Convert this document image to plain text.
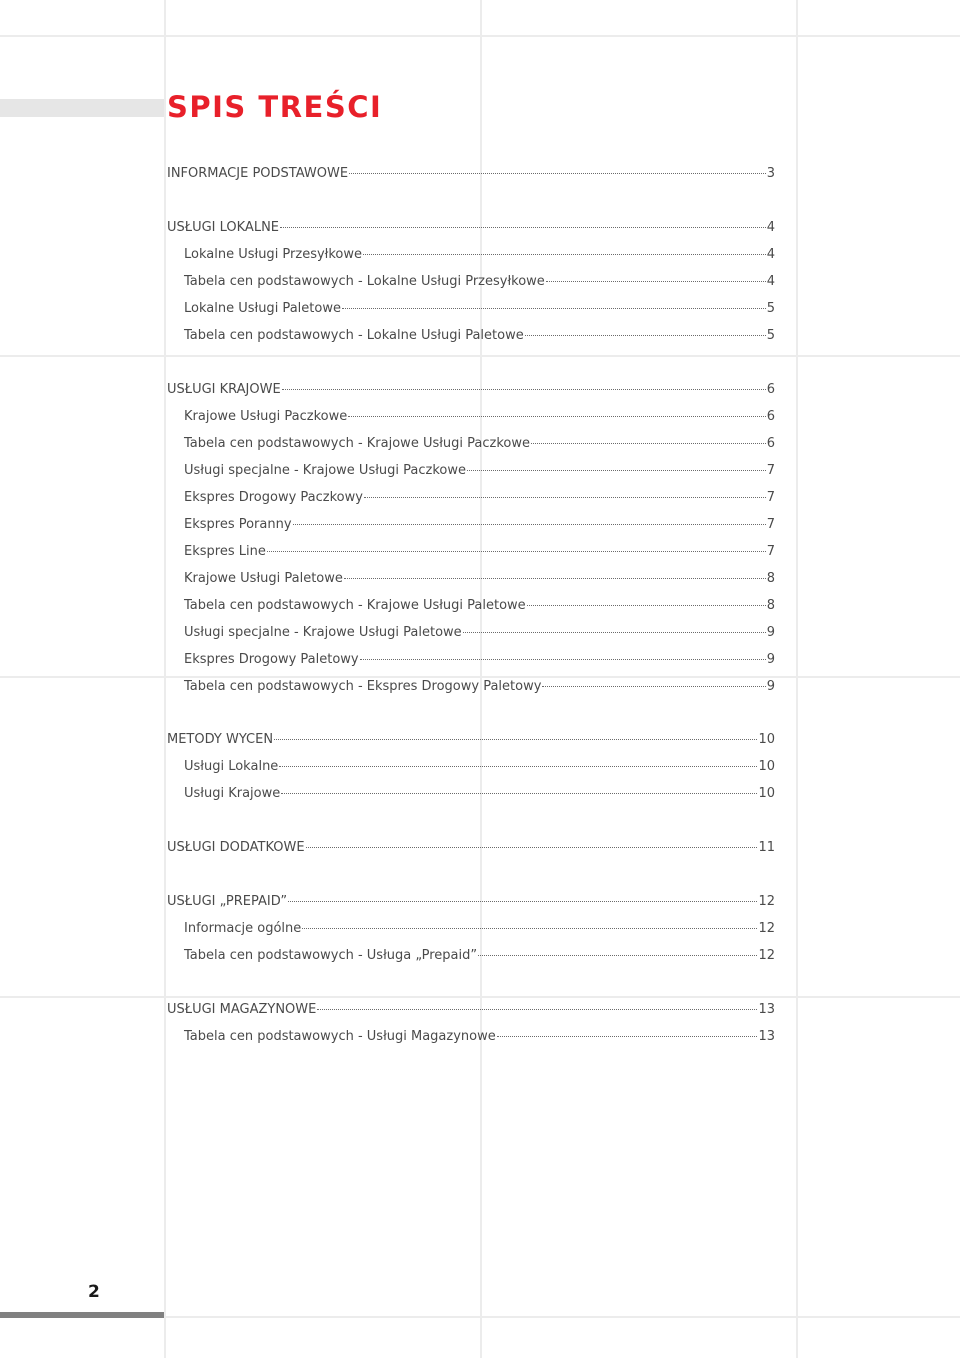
SPIS TREŚCI
INFORMACJE PODSTAWOWE	3
USŁUGI LOKALNE	4
Lokalne Usługi Przesyłkowe	4
Tabela cen podstawowych - Lokalne Usługi Przesyłkowe	4
Lokalne Usługi Paletowe	5
Tabela cen podstawowych - Lokalne Usługi Paletowe	5
USŁUGI KRAJOWE	6
Krajowe Usługi Paczkowe	6
Tabela cen podstawowych - Krajowe Usługi Paczkowe	6
Usługi specjalne - Krajowe Usługi Paczkowe	7
Ekspres Drogowy Paczkowy	7
Ekspres Poranny	7
Ekspres Line	7
Krajowe Usługi Paletowe	8
Tabela cen podstawowych - Krajowe Usługi Paletowe	8
Usługi specjalne - Krajowe Usługi Paletowe	9
Ekspres Drogowy Paletowy	9
Tabela cen podstawowych - Ekspres Drogowy Paletowy	9
METODY WYCEN	10
Usługi Lokalne	10
Usługi Krajowe	10
USŁUGI DODATKOWE	11
USŁUGI „PREPAID”	12
Informacje ogólne	12
Tabela cen podstawowych - Usługa „Prepaid”	12
USŁUGI MAGAZYNOWE	13
Tabela cen podstawowych - Usługi Magazynowe	13

2
